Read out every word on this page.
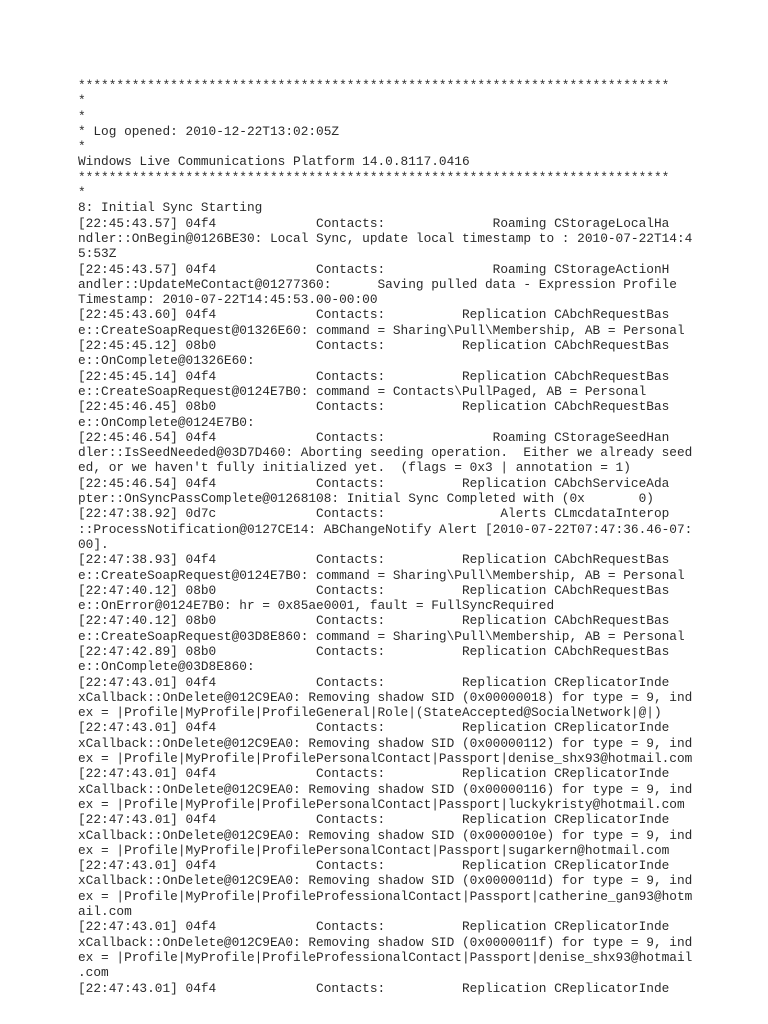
*****************************************************************************
*
*
* Log opened: 2010-12-22T13:02:05Z
*
Windows Live Communications Platform 14.0.8117.0416
*****************************************************************************
*
8: Initial Sync Starting
[22:45:43.57] 04f4             Contacts:              Roaming CStorageLocalHa
ndler::OnBegin@0126BE30: Local Sync, update local timestamp to : 2010-07-22T14:4
5:53Z
[22:45:43.57] 04f4             Contacts:              Roaming CStorageActionH
andler::UpdateMeContact@01277360:      Saving pulled data - Expression Profile
Timestamp: 2010-07-22T14:45:53.00-00:00
[22:45:43.60] 04f4             Contacts:          Replication CAbchRequestBas
e::CreateSoapRequest@01326E60: command = Sharing\Pull\Membership, AB = Personal
[22:45:45.12] 08b0             Contacts:          Replication CAbchRequestBas
e::OnComplete@01326E60:
[22:45:45.14] 04f4             Contacts:          Replication CAbchRequestBas
e::CreateSoapRequest@0124E7B0: command = Contacts\PullPaged, AB = Personal
[22:45:46.45] 08b0             Contacts:          Replication CAbchRequestBas
e::OnComplete@0124E7B0:
[22:45:46.54] 04f4             Contacts:              Roaming CStorageSeedHan
dler::IsSeedNeeded@03D7D460: Aborting seeding operation.  Either we already seed
ed, or we haven't fully initialized yet.  (flags = 0x3 | annotation = 1)
[22:45:46.54] 04f4             Contacts:          Replication CAbchServiceAda
pter::OnSyncPassComplete@01268108: Initial Sync Completed with (0x       0)
[22:47:38.92] 0d7c             Contacts:               Alerts CLmcdataInterop
::ProcessNotification@0127CE14: ABChangeNotify Alert [2010-07-22T07:47:36.46-07:
00].
[22:47:38.93] 04f4             Contacts:          Replication CAbchRequestBas
e::CreateSoapRequest@0124E7B0: command = Sharing\Pull\Membership, AB = Personal
[22:47:40.12] 08b0             Contacts:          Replication CAbchRequestBas
e::OnError@0124E7B0: hr = 0x85ae0001, fault = FullSyncRequired
[22:47:40.12] 08b0             Contacts:          Replication CAbchRequestBas
e::CreateSoapRequest@03D8E860: command = Sharing\Pull\Membership, AB = Personal
[22:47:42.89] 08b0             Contacts:          Replication CAbchRequestBas
e::OnComplete@03D8E860:
[22:47:43.01] 04f4             Contacts:          Replication CReplicatorInde
xCallback::OnDelete@012C9EA0: Removing shadow SID (0x00000018) for type = 9, ind
ex = |Profile|MyProfile|ProfileGeneral|Role|(StateAccepted@SocialNetwork|@|)
[22:47:43.01] 04f4             Contacts:          Replication CReplicatorInde
xCallback::OnDelete@012C9EA0: Removing shadow SID (0x00000112) for type = 9, ind
ex = |Profile|MyProfile|ProfilePersonalContact|Passport|denise_shx93@hotmail.com
[22:47:43.01] 04f4             Contacts:          Replication CReplicatorInde
xCallback::OnDelete@012C9EA0: Removing shadow SID (0x00000116) for type = 9, ind
ex = |Profile|MyProfile|ProfilePersonalContact|Passport|luckykristy@hotmail.com
[22:47:43.01] 04f4             Contacts:          Replication CReplicatorInde
xCallback::OnDelete@012C9EA0: Removing shadow SID (0x0000010e) for type = 9, ind
ex = |Profile|MyProfile|ProfilePersonalContact|Passport|sugarkern@hotmail.com
[22:47:43.01] 04f4             Contacts:          Replication CReplicatorInde
xCallback::OnDelete@012C9EA0: Removing shadow SID (0x0000011d) for type = 9, ind
ex = |Profile|MyProfile|ProfileProfessionalContact|Passport|catherine_gan93@hotm
ail.com
[22:47:43.01] 04f4             Contacts:          Replication CReplicatorInde
xCallback::OnDelete@012C9EA0: Removing shadow SID (0x0000011f) for type = 9, ind
ex = |Profile|MyProfile|ProfileProfessionalContact|Passport|denise_shx93@hotmail
.com
[22:47:43.01] 04f4             Contacts:          Replication CReplicatorInde
